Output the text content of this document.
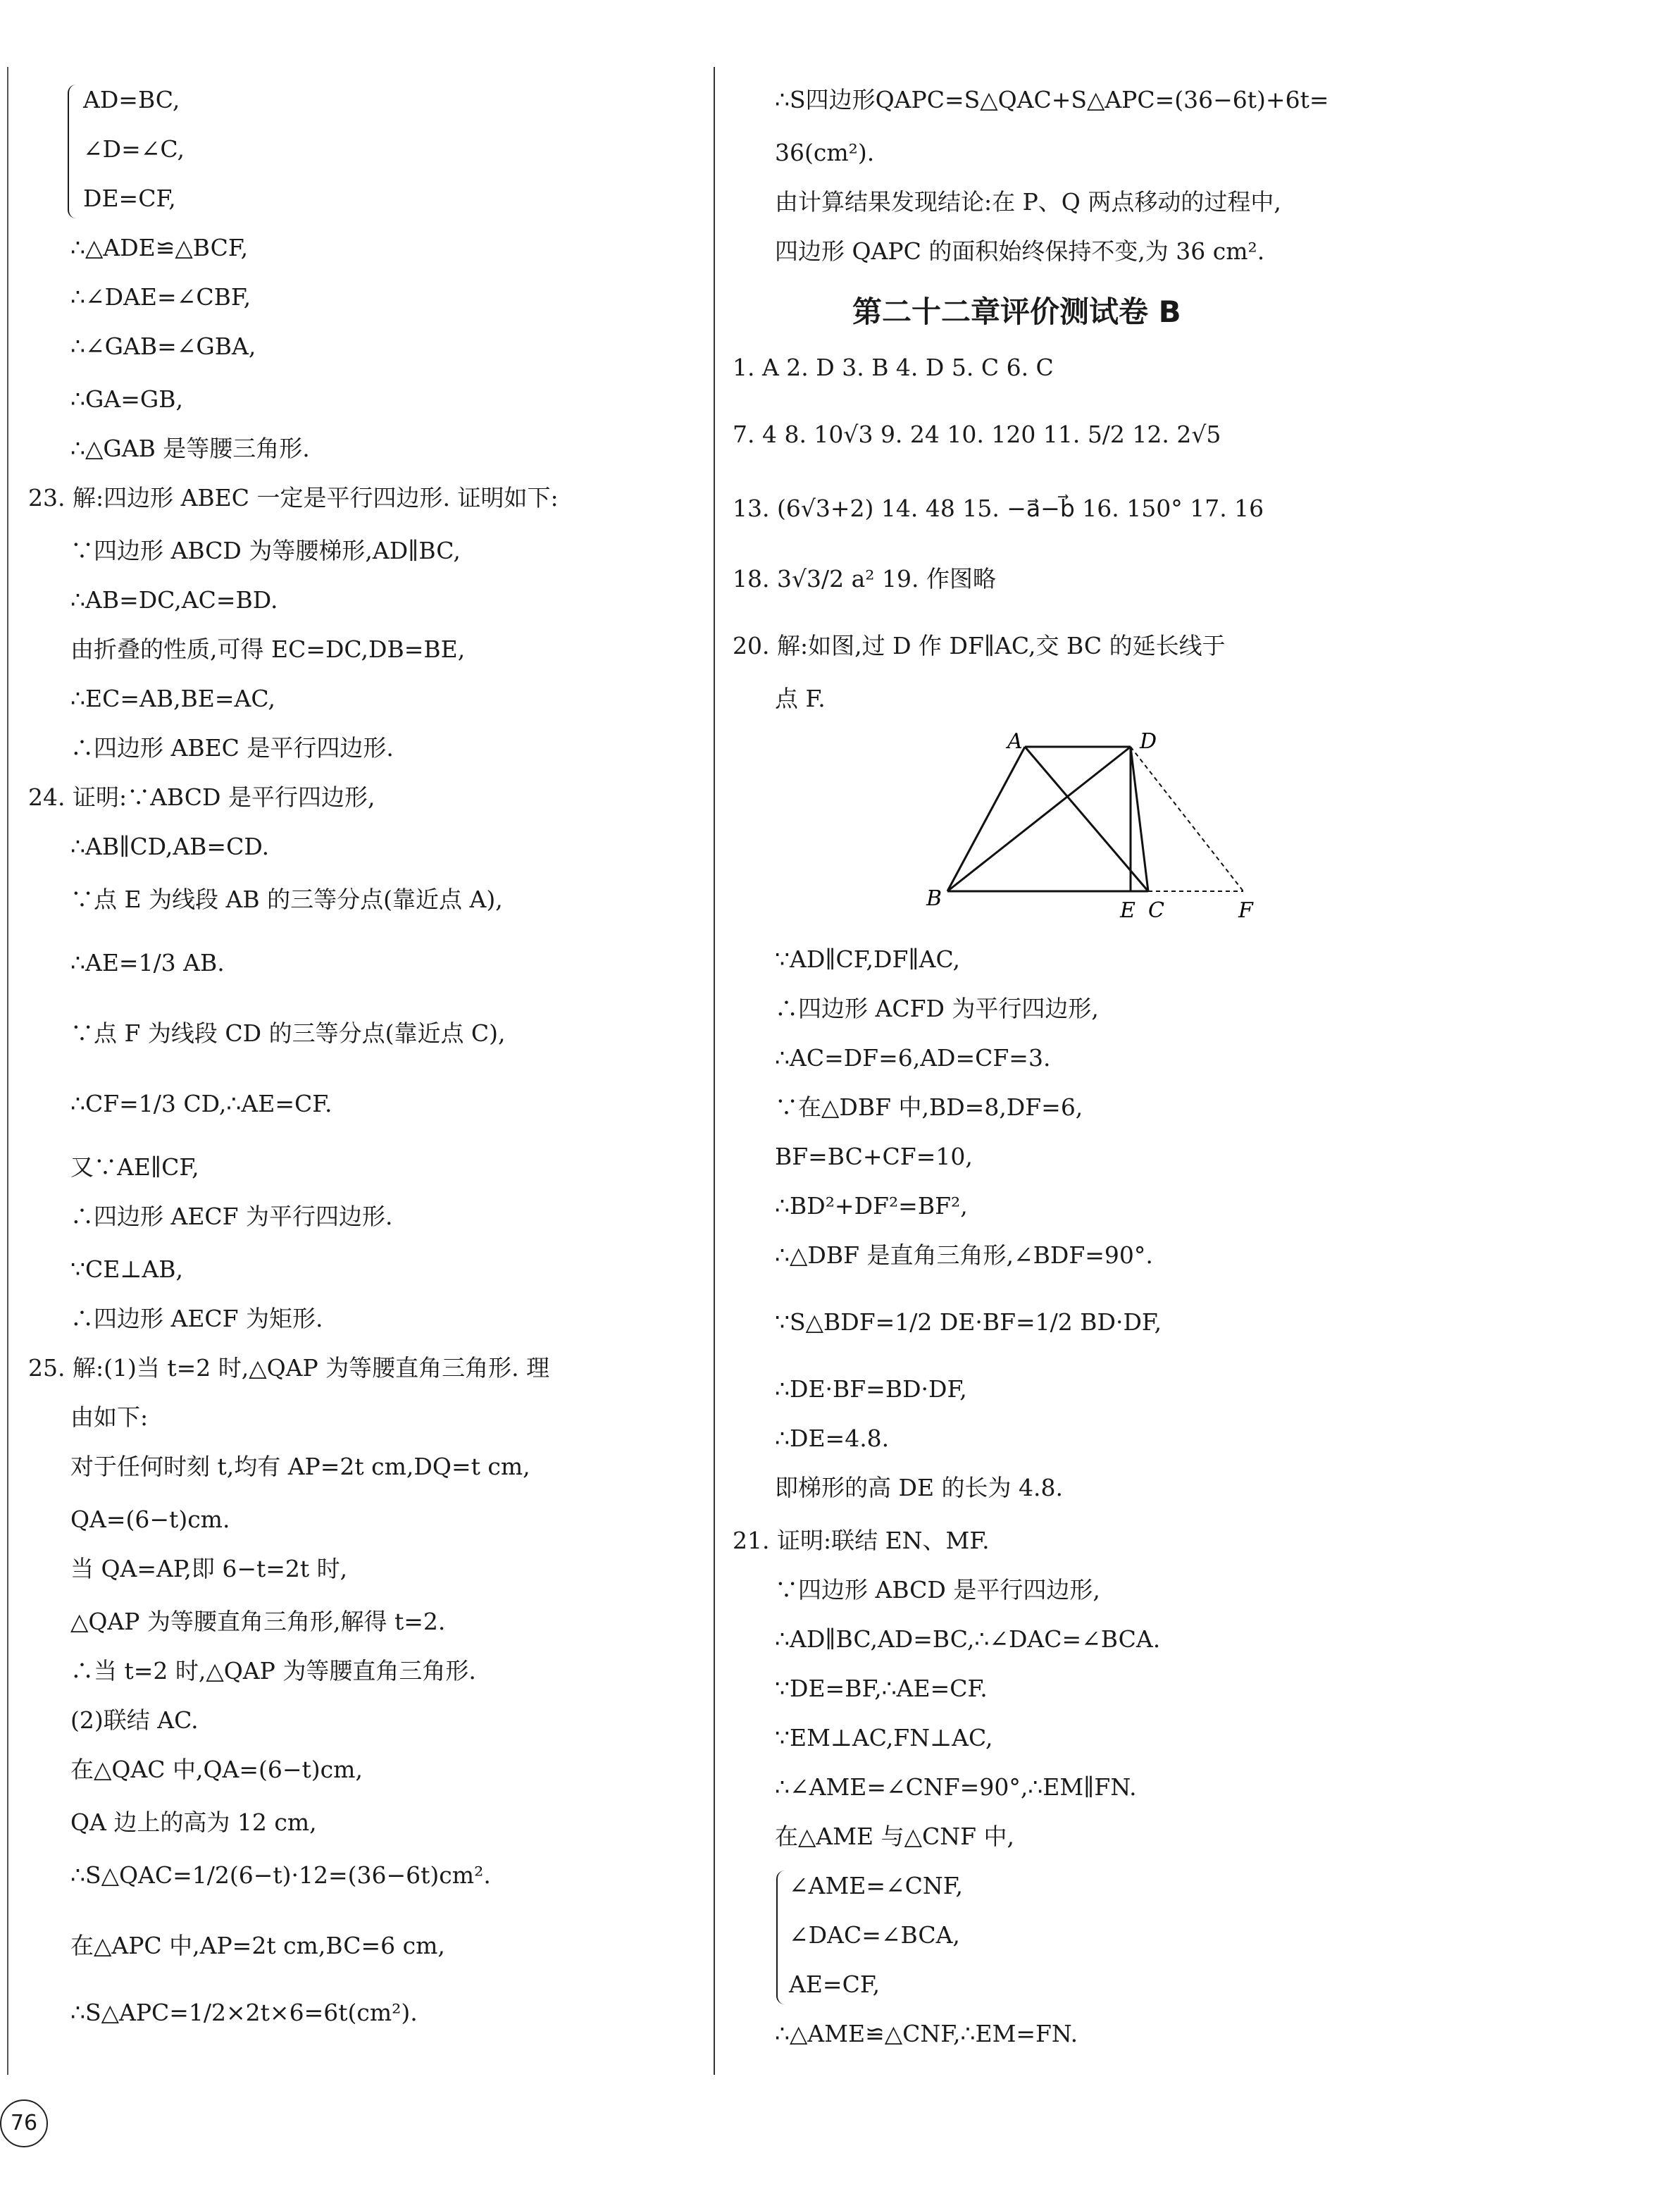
AD=BC,
∠D=∠C,
DE=CF,
∴△ADE≌△BCF,
∴∠DAE=∠CBF,
∴∠GAB=∠GBA,
∴GA=GB,
∴△GAB 是等腰三角形.
23. 解:四边形 ABEC 一定是平行四边形. 证明如下:
∵四边形 ABCD 为等腰梯形,AD∥BC,
∴AB=DC,AC=BD.
由折叠的性质,可得 EC=DC,DB=BE,
∴EC=AB,BE=AC,
∴四边形 ABEC 是平行四边形.
24. 证明:∵ABCD 是平行四边形,
∴AB∥CD,AB=CD.
∵点 E 为线段 AB 的三等分点(靠近点 A),
∴AE=1/3 AB.
∵点 F 为线段 CD 的三等分点(靠近点 C),
∴CF=1/3 CD,∴AE=CF.
又∵AE∥CF,
∴四边形 AECF 为平行四边形.
∵CE⊥AB,
∴四边形 AECF 为矩形.
25. 解:(1)当 t=2 时,△QAP 为等腰直角三角形. 理
由如下:
对于任何时刻 t,均有 AP=2t cm,DQ=t cm,
QA=(6−t)cm.
当 QA=AP,即 6−t=2t 时,
△QAP 为等腰直角三角形,解得 t=2.
∴当 t=2 时,△QAP 为等腰直角三角形.
(2)联结 AC.
在△QAC 中,QA=(6−t)cm,
QA 边上的高为 12 cm,
∴S△QAC=1/2(6−t)·12=(36−6t)cm².
在△APC 中,AP=2t cm,BC=6 cm,
∴S△APC=1/2×2t×6=6t(cm²).
∴S四边形QAPC=S△QAC+S△APC=(36−6t)+6t=
36(cm²).
由计算结果发现结论:在 P、Q 两点移动的过程中,
四边形 QAPC 的面积始终保持不变,为 36 cm².
1. A 2. D 3. B 4. D 5. C 6. C
7. 4 8. 10√3 9. 24 10. 120 11. 5/2 12. 2√5
13. (6√3+2) 14. 48 15. −a⃗−b⃗ 16. 150° 17. 16
18. 3√3/2 a² 19. 作图略
20. 解:如图,过 D 作 DF∥AC,交 BC 的延长线于
点 F.
∵AD∥CF,DF∥AC,
∴四边形 ACFD 为平行四边形,
∴AC=DF=6,AD=CF=3.
∵在△DBF 中,BD=8,DF=6,
BF=BC+CF=10,
∴BD²+DF²=BF²,
∴△DBF 是直角三角形,∠BDF=90°.
∵S△BDF=1/2 DE·BF=1/2 BD·DF,
∴DE·BF=BD·DF,
∴DE=4.8.
即梯形的高 DE 的长为 4.8.
21. 证明:联结 EN、MF.
∵四边形 ABCD 是平行四边形,
∴AD∥BC,AD=BC,∴∠DAC=∠BCA.
∵DE=BF,∴AE=CF.
∵EM⊥AC,FN⊥AC,
∴∠AME=∠CNF=90°,∴EM∥FN.
在△AME 与△CNF 中,
∠AME=∠CNF,
∠DAC=∠BCA,
AE=CF,
∴△AME≌△CNF,∴EM=FN.
第二十二章评价测试卷 B
A	D
B	E C	F
76
